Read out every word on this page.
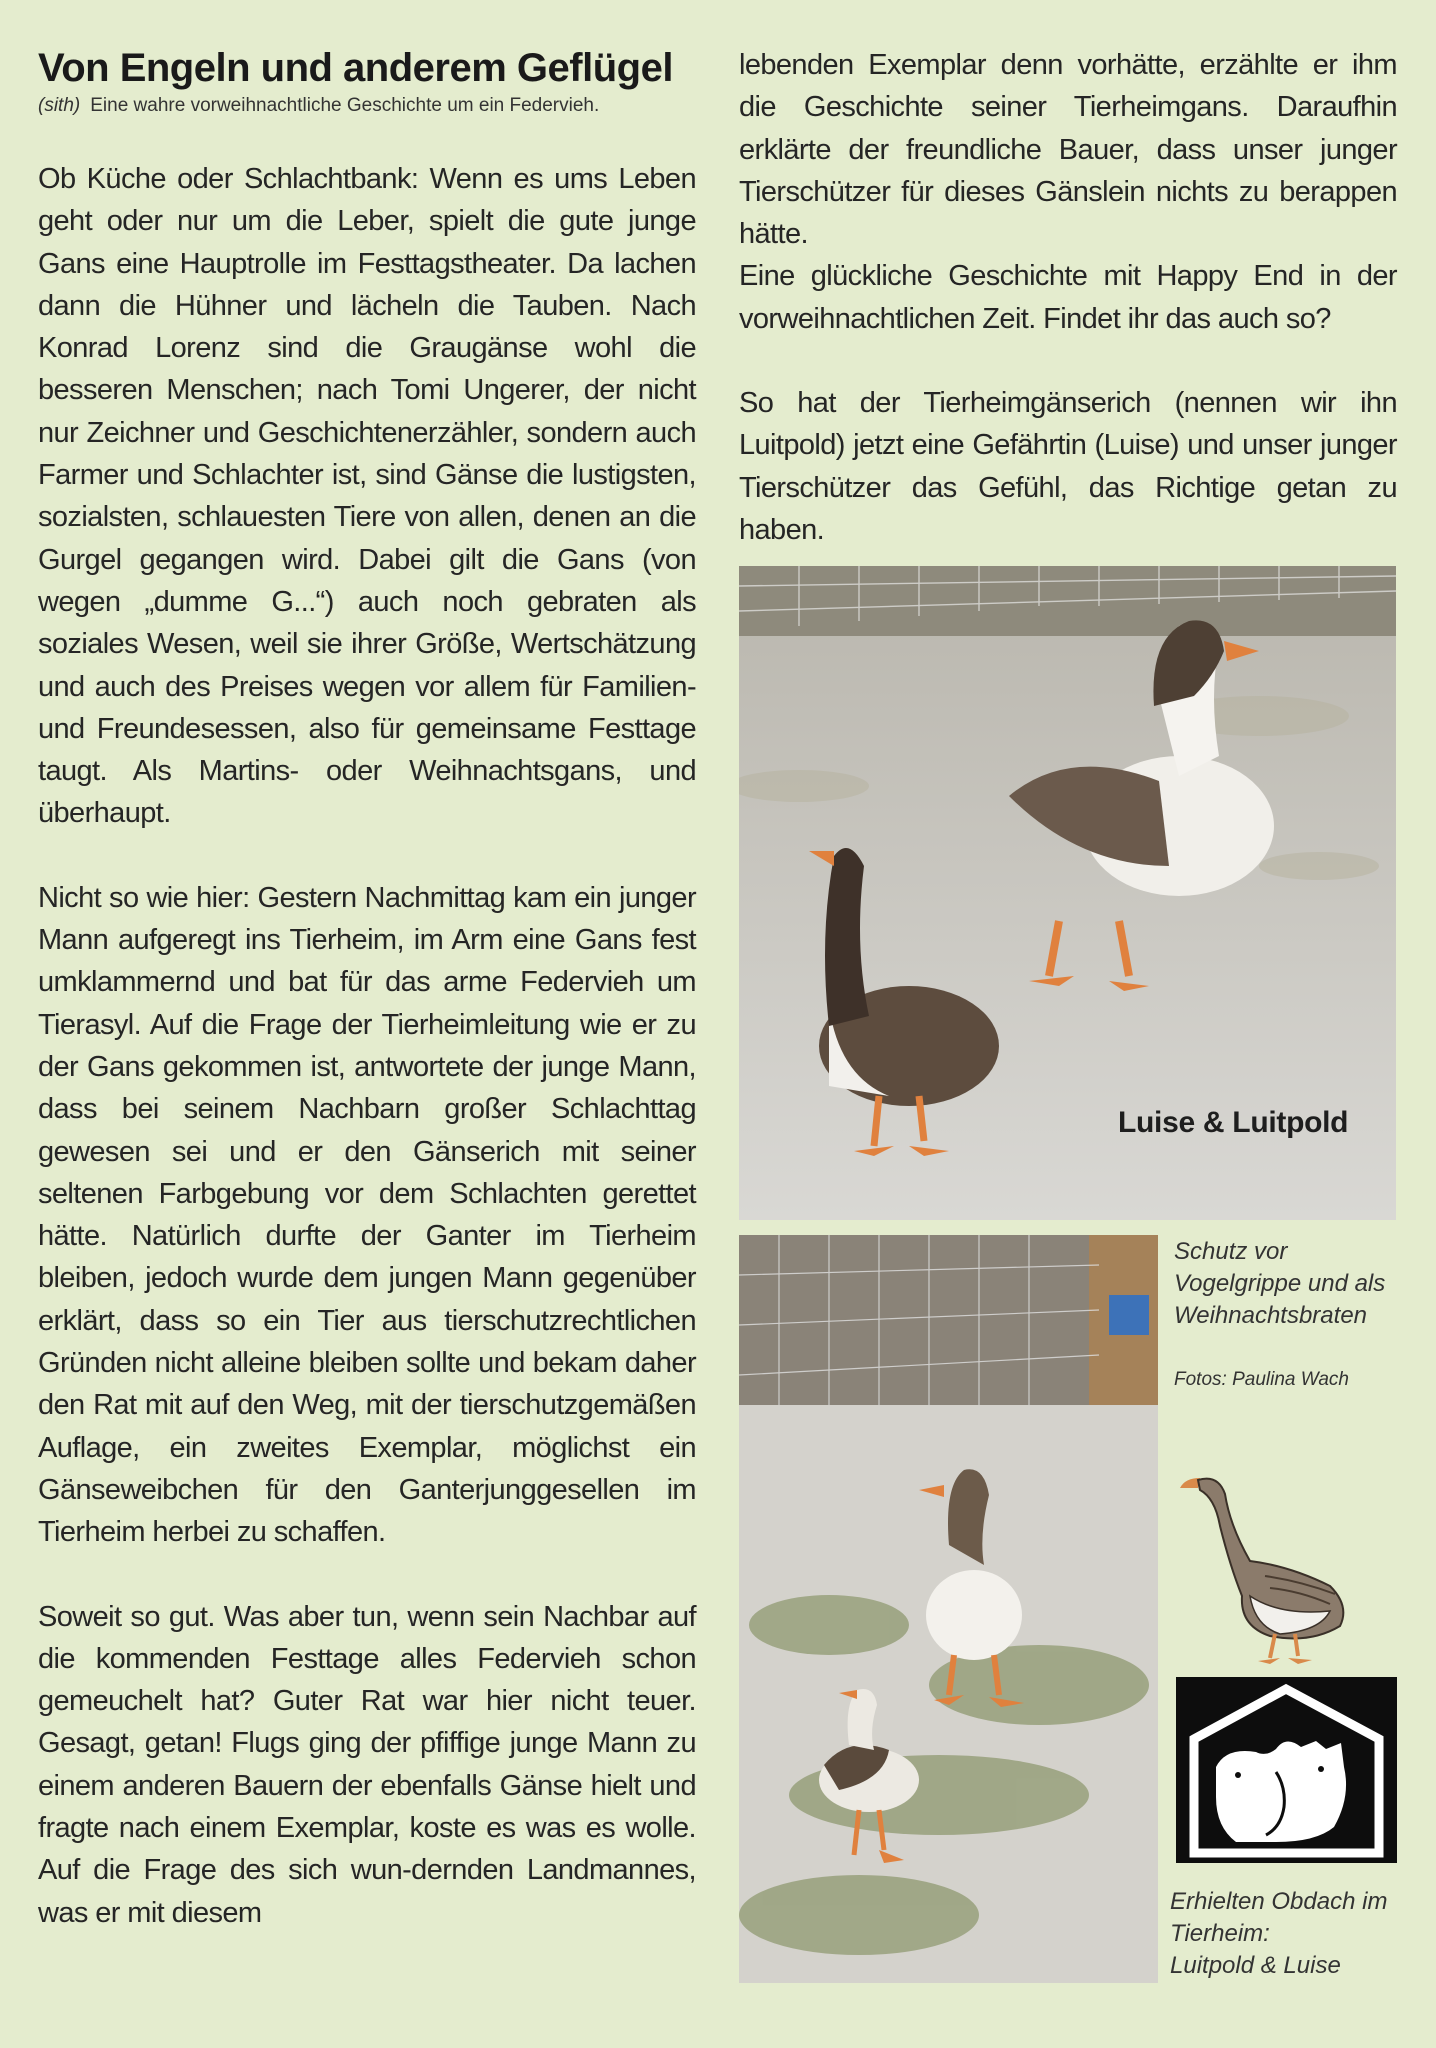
Von Engeln und anderem Geflügel
(sith) Eine wahre vorweihnachtliche Geschichte um ein Federvieh.

Ob Küche oder Schlachtbank: Wenn es ums Leben geht oder nur um die Leber, spielt die gute junge Gans eine Hauptrolle im Festtagstheater. Da lachen dann die Hühner und lächeln die Tauben. Nach Konrad Lorenz sind die Graugänse wohl die besseren Menschen; nach Tomi Ungerer, der nicht nur Zeichner und Geschichtenerzähler, sondern auch Farmer und Schlachter ist, sind Gänse die lustigsten, sozialsten, schlauesten Tiere von allen, denen an die Gurgel gegangen wird. Dabei gilt die Gans (von wegen „dumme G...“) auch noch gebraten als soziales Wesen, weil sie ihrer Größe, Wertschätzung und auch des Preises wegen vor allem für Familien- und Freundesessen, also für gemeinsame Festtage taugt. Als Martins- oder Weihnachtsgans, und überhaupt.

Nicht so wie hier: Gestern Nachmittag kam ein junger Mann aufgeregt ins Tierheim, im Arm eine Gans fest umklammernd und bat für das arme Federvieh um Tierasyl. Auf die Frage der Tierheimleitung wie er zu der Gans gekommen ist, antwortete der junge Mann, dass bei seinem Nachbarn großer Schlachttag gewesen sei und er den Gänserich mit seiner seltenen Farbgebung vor dem Schlachten gerettet hätte. Natürlich durfte der Ganter im Tierheim bleiben, jedoch wurde dem jungen Mann gegenüber erklärt, dass so ein Tier aus tierschutzrechtlichen Gründen nicht alleine bleiben sollte und bekam daher den Rat mit auf den Weg, mit der tierschutzgemäßen Auflage, ein zweites Exemplar, möglichst ein Gänseweibchen für den Ganterjunggesellen im Tierheim herbei zu schaffen.

Soweit so gut. Was aber tun, wenn sein Nachbar auf die kommenden Festtage alles Federvieh schon gemeuchelt hat? Guter Rat war hier nicht teuer. Gesagt, getan! Flugs ging der pfiffige junge Mann zu einem anderen Bauern der ebenfalls Gänse hielt und fragte nach einem Exemplar, koste es was es wolle. Auf die Frage des sich wun-dernden Landmannes, was er mit diesem

lebenden Exemplar denn vorhätte, erzählte er ihm die Geschichte seiner Tierheimgans. Daraufhin erklärte der freundliche Bauer, dass unser junger Tierschützer für dieses Gänslein nichts zu berappen hätte.

Eine glückliche Geschichte mit Happy End in der vorweihnachtlichen Zeit. Findet ihr das auch so?

So hat der Tierheimgänserich (nennen wir ihn Luitpold) jetzt eine Gefährtin (Luise) und unser junger Tierschützer das Gefühl, das Richtige getan zu haben.

Luise & Luitpold
Schutz vor
Vogelgrippe und als
Weihnachtsbraten
Fotos: Paulina Wach
Erhielten Obdach im
Tierheim:
Luitpold & Luise
